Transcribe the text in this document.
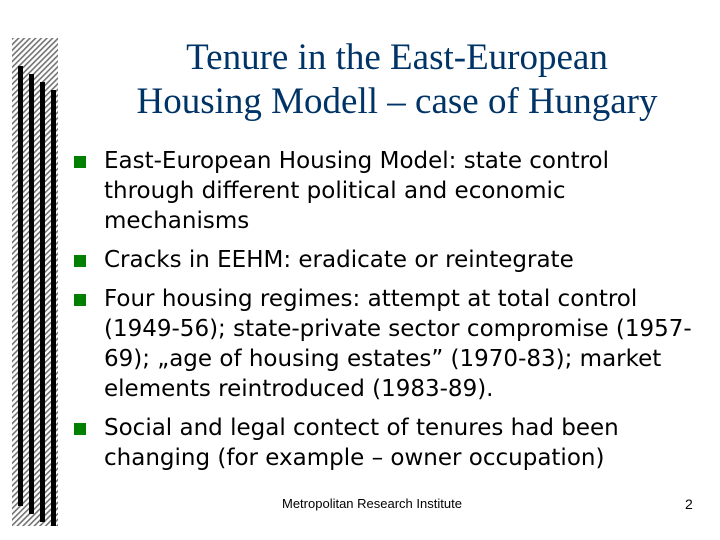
Tenure in the East-European
Housing Modell – case of Hungary
East-European Housing Model: state control through different political and economic mechanisms
Cracks in EEHM: eradicate or reintegrate
Four housing regimes: attempt at total control (1949-56); state-private sector compromise (1957-69); „age of housing estates” (1970-83); market elements reintroduced (1983-89).
Social and legal contect of tenures had been changing (for example – owner occupation)
Metropolitan Research Institute	2
